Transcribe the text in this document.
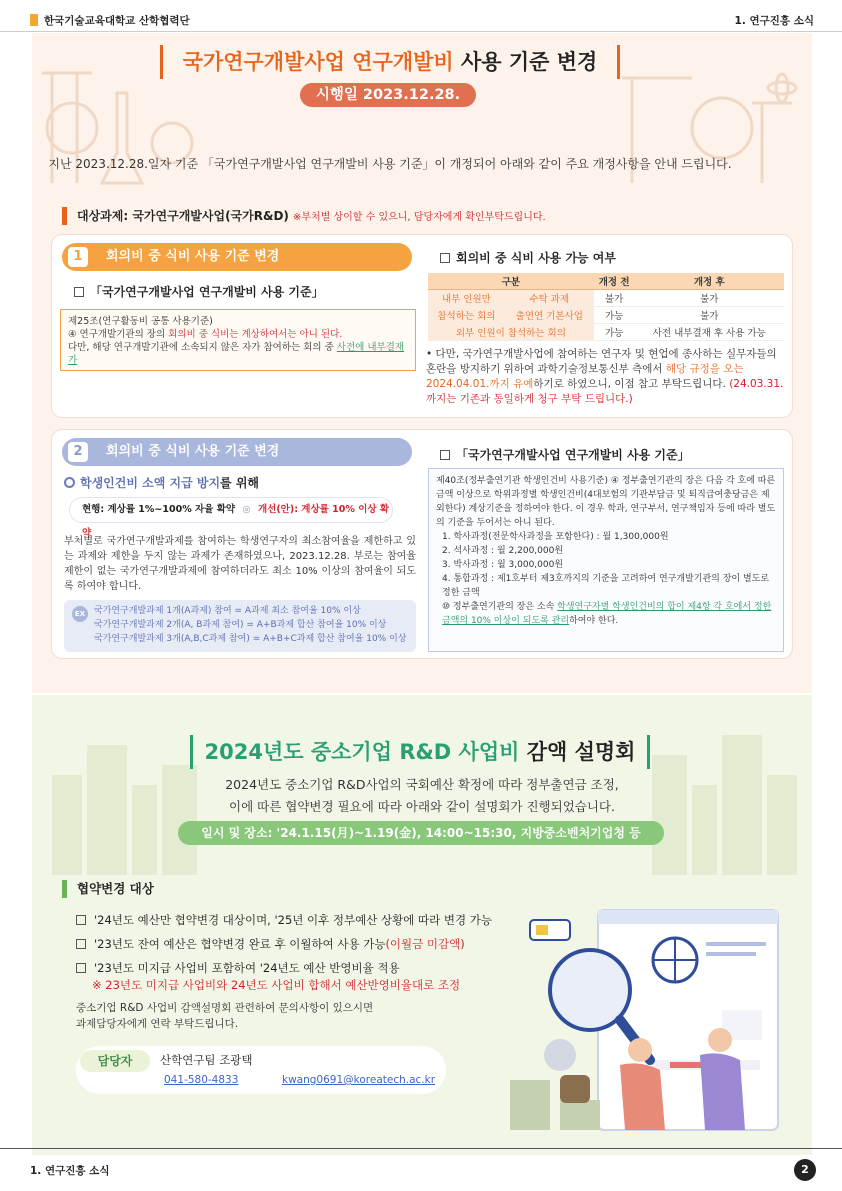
한국기술교육대학교 산학협력단	1. 연구진흥 소식
국가연구개발사업 연구개발비 사용 기준 변경
시행일 2023.12.28.
지난 2023.12.28.일자 기준 「국가연구개발사업 연구개발비 사용 기준」이 개정되어 아래와 같이 주요 개정사항을 안내 드립니다.
대상과제: 국가연구개발사업(국가R&D) ※부처별 상이할 수 있으니, 담당자에게 확인부탁드립니다.
1	회의비 중 식비 사용 기준 변경
「국가연구개발사업 연구개발비 사용 기준」
제25조(연구활동비 공통 사용기준)
④ 연구개발기관의 장의 회의비 중 식비는 계상하여서는 아니 된다.
다만, 해당 연구개발기관에 소속되지 않은 자가 참여하는 회의 중 사전에 내부결재가
회의비 중 식비 사용 가능 여부
구분		개정 전	개정 후
내부 인원만	수탁 과제	불가	불가
참석하는 회의	출연연 기본사업	가능	불가
외부 인원이 참석하는 회의		가능	사전 내부결재 후 사용 가능
• 다만, 국가연구개발사업에 참여하는 연구자 및 현업에 종사하는 실무자들의 혼란을 방지하기 위하여 과학기술정보통신부 측에서 해당 규정을 오는 2024.04.01.까지 유예하기로 하였으니, 이점 참고 부탁드립니다. (24.03.31.까지는 기존과 동일하게 청구 부탁 드립니다.)
2	회의비 중 식비 사용 기준 변경
학생인건비 소액 지급 방지를 위해
현행: 계상률 1%~100% 자율 확약 ◎ 개선(안): 계상률 10% 이상 확약
부처별로 국가연구개발과제를 참여하는 학생연구자의 최소참여율을 제한하고 있는 과제와 제한을 두지 않는 과제가 존재하였으나, 2023.12.28. 부로는 참여율 제한이 없는 국가연구개발과제에 참여하더라도 최소 10% 이상의 참여율이 되도록 하여야 합니다.
EX 국가연구개발과제 1개(A과제) 참여 = A과제 최소 참여율 10% 이상
국가연구개발과제 2개(A, B과제 참여) = A+B과제 합산 참여율 10% 이상
국가연구개발과제 3개(A,B,C과제 참여) = A+B+C과제 합산 참여율 10% 이상
「국가연구개발사업 연구개발비 사용 기준」
제40조(정부출연기관 학생인건비 사용기준) ④ 정부출연기관의 장은 다음 각 호에 따른 금액 이상으로 학위과정별 학생인건비(4대보험의 기관부담금 및 퇴직급여충당금은 제외한다) 계상기준을 정하여야 한다. 이 경우 학과, 연구부서, 연구책임자 등에 따라 별도의 기준을 두어서는 아니 된다.
1. 학사과정(전문학사과정을 포함한다) : 월 1,300,000원
2. 석사과정 : 월 2,200,000원
3. 박사과정 : 월 3,000,000원
4. 통합과정 : 제1호부터 제3호까지의 기준을 고려하여 연구개발기관의 장이 별도로 정한 금액
⑩ 정부출연기관의 장은 소속 학생연구자별 학생인건비의 합이 제4항 각 호에서 정한 금액의 10% 이상이 되도록 관리하여야 한다.
2024년도 중소기업 R&D 사업비 감액 설명회
2024년도 중소기업 R&D사업의 국회예산 확정에 따라 정부출연금 조정,
이에 따른 협약변경 필요에 따라 아래와 같이 설명회가 진행되었습니다.
일시 및 장소: '24.1.15(月)~1.19(金), 14:00~15:30, 지방중소벤처기업청 등
협약변경 대상
'24년도 예산만 협약변경 대상이며, '25년 이후 정부예산 상황에 따라 변경 가능
'23년도 잔여 예산은 협약변경 완료 후 이월하여 사용 가능(이월금 미감액)
'23년도 미지급 사업비 포함하여 '24년도 예산 반영비율 적용
※ 23년도 미지급 사업비와 24년도 사업비 합해서 예산반영비율대로 조정
중소기업 R&D 사업비 감액설명회 관련하여 문의사항이 있으시면
과제담당자에게 연락 부탁드립니다.
담당자	산학연구팀 조광택
041-580-4833	kwang0691@koreatech.ac.kr
1. 연구진흥 소식	2
